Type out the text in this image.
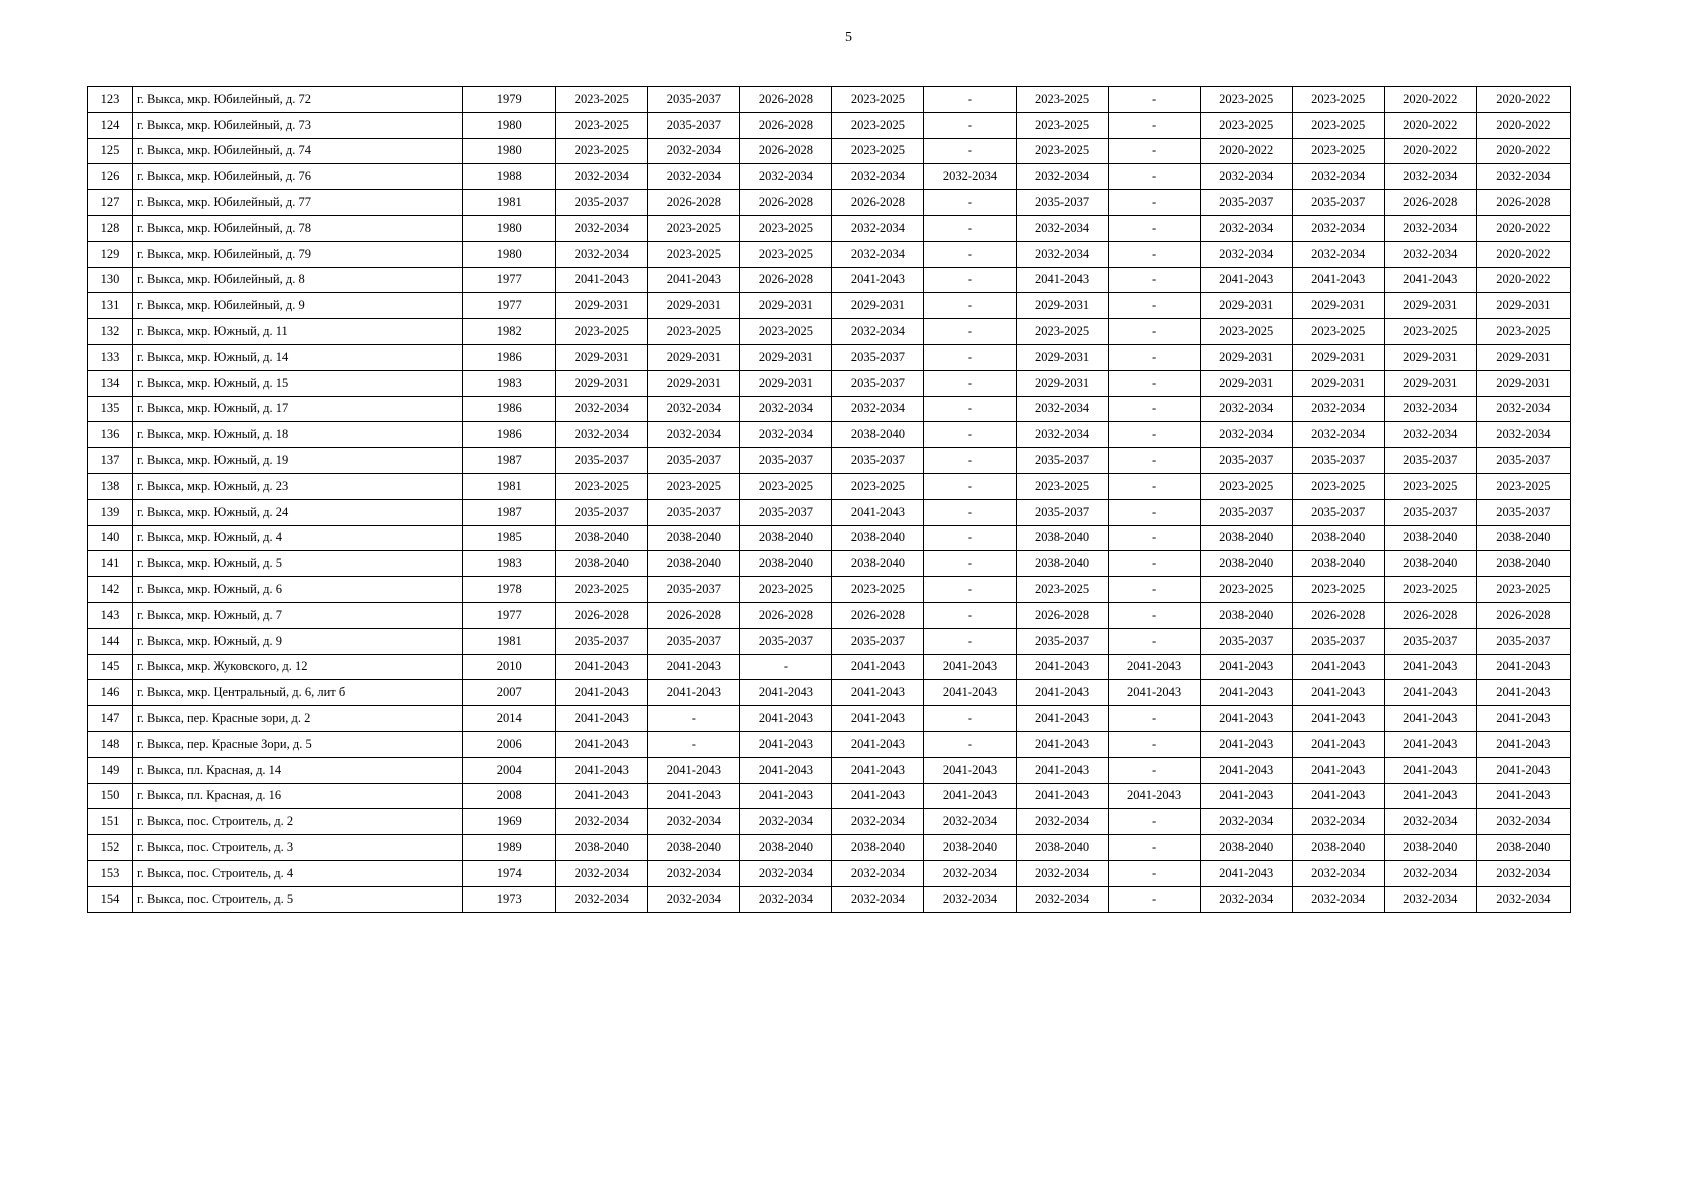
5
123	г. Выкса, мкр. Юбилейный, д. 72	1979	2023-2025	2035-2037	2026-2028	2023-2025	-	2023-2025	-	2023-2025	2023-2025	2020-2022	2020-2022
124	г. Выкса, мкр. Юбилейный, д. 73	1980	2023-2025	2035-2037	2026-2028	2023-2025	-	2023-2025	-	2023-2025	2023-2025	2020-2022	2020-2022
125	г. Выкса, мкр. Юбилейный, д. 74	1980	2023-2025	2032-2034	2026-2028	2023-2025	-	2023-2025	-	2020-2022	2023-2025	2020-2022	2020-2022
126	г. Выкса, мкр. Юбилейный, д. 76	1988	2032-2034	2032-2034	2032-2034	2032-2034	2032-2034	2032-2034	-	2032-2034	2032-2034	2032-2034	2032-2034
127	г. Выкса, мкр. Юбилейный, д. 77	1981	2035-2037	2026-2028	2026-2028	2026-2028	-	2035-2037	-	2035-2037	2035-2037	2026-2028	2026-2028
128	г. Выкса, мкр. Юбилейный, д. 78	1980	2032-2034	2023-2025	2023-2025	2032-2034	-	2032-2034	-	2032-2034	2032-2034	2032-2034	2020-2022
129	г. Выкса, мкр. Юбилейный, д. 79	1980	2032-2034	2023-2025	2023-2025	2032-2034	-	2032-2034	-	2032-2034	2032-2034	2032-2034	2020-2022
130	г. Выкса, мкр. Юбилейный, д. 8	1977	2041-2043	2041-2043	2026-2028	2041-2043	-	2041-2043	-	2041-2043	2041-2043	2041-2043	2020-2022
131	г. Выкса, мкр. Юбилейный, д. 9	1977	2029-2031	2029-2031	2029-2031	2029-2031	-	2029-2031	-	2029-2031	2029-2031	2029-2031	2029-2031
132	г. Выкса, мкр. Южный, д. 11	1982	2023-2025	2023-2025	2023-2025	2032-2034	-	2023-2025	-	2023-2025	2023-2025	2023-2025	2023-2025
133	г. Выкса, мкр. Южный, д. 14	1986	2029-2031	2029-2031	2029-2031	2035-2037	-	2029-2031	-	2029-2031	2029-2031	2029-2031	2029-2031
134	г. Выкса, мкр. Южный, д. 15	1983	2029-2031	2029-2031	2029-2031	2035-2037	-	2029-2031	-	2029-2031	2029-2031	2029-2031	2029-2031
135	г. Выкса, мкр. Южный, д. 17	1986	2032-2034	2032-2034	2032-2034	2032-2034	-	2032-2034	-	2032-2034	2032-2034	2032-2034	2032-2034
136	г. Выкса, мкр. Южный, д. 18	1986	2032-2034	2032-2034	2032-2034	2038-2040	-	2032-2034	-	2032-2034	2032-2034	2032-2034	2032-2034
137	г. Выкса, мкр. Южный, д. 19	1987	2035-2037	2035-2037	2035-2037	2035-2037	-	2035-2037	-	2035-2037	2035-2037	2035-2037	2035-2037
138	г. Выкса, мкр. Южный, д. 23	1981	2023-2025	2023-2025	2023-2025	2023-2025	-	2023-2025	-	2023-2025	2023-2025	2023-2025	2023-2025
139	г. Выкса, мкр. Южный, д. 24	1987	2035-2037	2035-2037	2035-2037	2041-2043	-	2035-2037	-	2035-2037	2035-2037	2035-2037	2035-2037
140	г. Выкса, мкр. Южный, д. 4	1985	2038-2040	2038-2040	2038-2040	2038-2040	-	2038-2040	-	2038-2040	2038-2040	2038-2040	2038-2040
141	г. Выкса, мкр. Южный, д. 5	1983	2038-2040	2038-2040	2038-2040	2038-2040	-	2038-2040	-	2038-2040	2038-2040	2038-2040	2038-2040
142	г. Выкса, мкр. Южный, д. 6	1978	2023-2025	2035-2037	2023-2025	2023-2025	-	2023-2025	-	2023-2025	2023-2025	2023-2025	2023-2025
143	г. Выкса, мкр. Южный, д. 7	1977	2026-2028	2026-2028	2026-2028	2026-2028	-	2026-2028	-	2038-2040	2026-2028	2026-2028	2026-2028
144	г. Выкса, мкр. Южный, д. 9	1981	2035-2037	2035-2037	2035-2037	2035-2037	-	2035-2037	-	2035-2037	2035-2037	2035-2037	2035-2037
145	г. Выкса, мкр. Жуковского, д. 12	2010	2041-2043	2041-2043	-	2041-2043	2041-2043	2041-2043	2041-2043	2041-2043	2041-2043	2041-2043	2041-2043
146	г. Выкса, мкр. Центральный, д. 6, лит б	2007	2041-2043	2041-2043	2041-2043	2041-2043	2041-2043	2041-2043	2041-2043	2041-2043	2041-2043	2041-2043	2041-2043
147	г. Выкса, пер. Красные зори, д. 2	2014	2041-2043	-	2041-2043	2041-2043	-	2041-2043	-	2041-2043	2041-2043	2041-2043	2041-2043
148	г. Выкса, пер. Красные Зори, д. 5	2006	2041-2043	-	2041-2043	2041-2043	-	2041-2043	-	2041-2043	2041-2043	2041-2043	2041-2043
149	г. Выкса, пл. Красная, д. 14	2004	2041-2043	2041-2043	2041-2043	2041-2043	2041-2043	2041-2043	-	2041-2043	2041-2043	2041-2043	2041-2043
150	г. Выкса, пл. Красная, д. 16	2008	2041-2043	2041-2043	2041-2043	2041-2043	2041-2043	2041-2043	2041-2043	2041-2043	2041-2043	2041-2043	2041-2043
151	г. Выкса, пос. Строитель, д. 2	1969	2032-2034	2032-2034	2032-2034	2032-2034	2032-2034	2032-2034	-	2032-2034	2032-2034	2032-2034	2032-2034
152	г. Выкса, пос. Строитель, д. 3	1989	2038-2040	2038-2040	2038-2040	2038-2040	2038-2040	2038-2040	-	2038-2040	2038-2040	2038-2040	2038-2040
153	г. Выкса, пос. Строитель, д. 4	1974	2032-2034	2032-2034	2032-2034	2032-2034	2032-2034	2032-2034	-	2041-2043	2032-2034	2032-2034	2032-2034
154	г. Выкса, пос. Строитель, д. 5	1973	2032-2034	2032-2034	2032-2034	2032-2034	2032-2034	2032-2034	-	2032-2034	2032-2034	2032-2034	2032-2034
